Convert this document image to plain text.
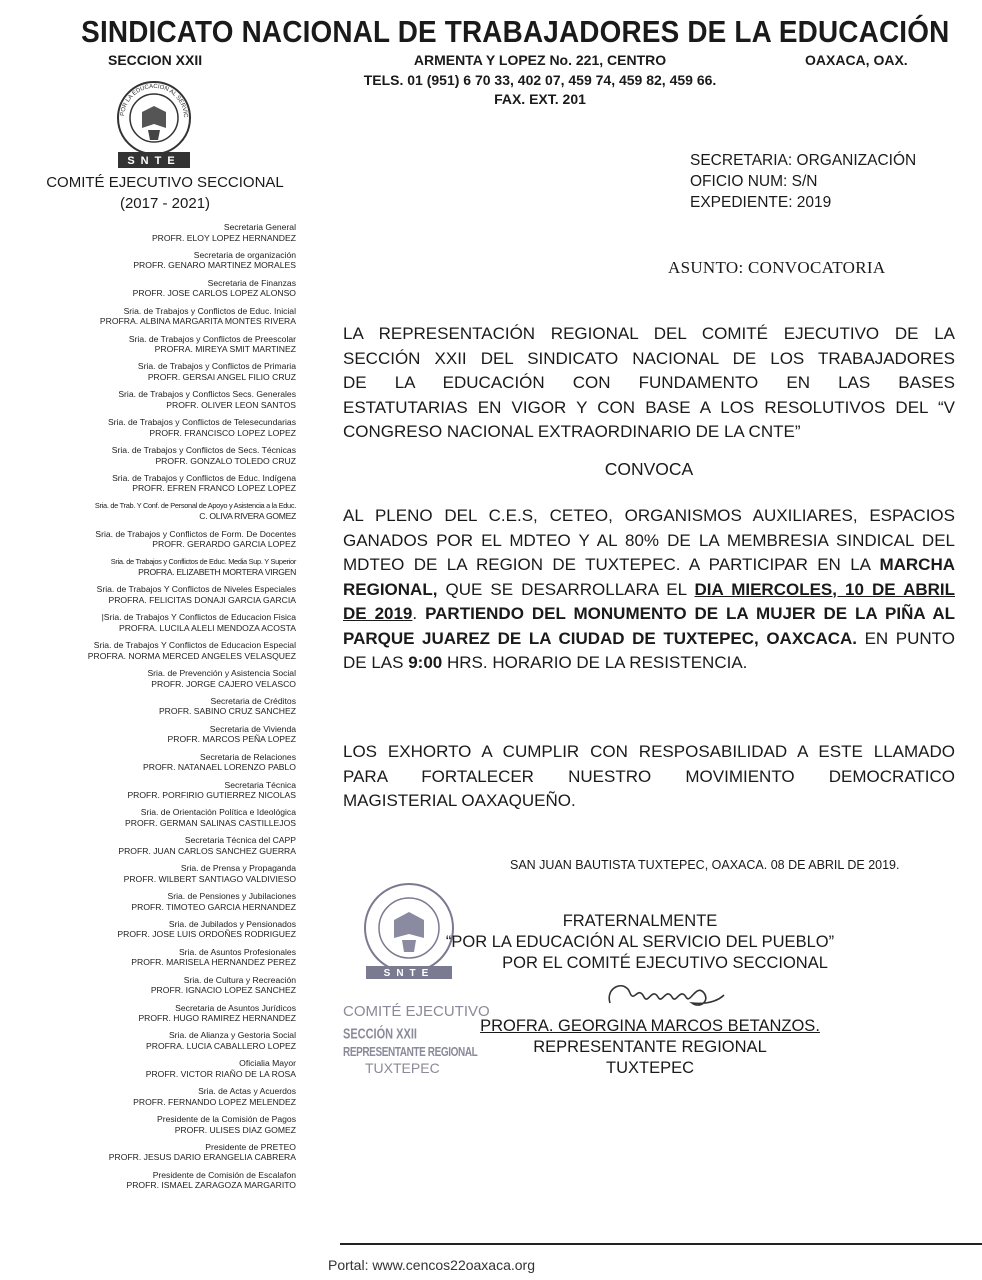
SINDICATO NACIONAL DE TRABAJADORES DE LA EDUCACIÓN
SECCION XXII	ARMENTA Y LOPEZ No. 221, CENTRO	OAXACA, OAX.
TELS. 01 (951) 6 70 33, 402 07, 459 74, 459 82, 459 66.
FAX. EXT. 201
POR LA EDUCACION AL SERVIC
SNTE
COMITÉ EJECUTIVO SECCIONAL
(2017 - 2021)
Secretaria General
PROFR. ELOY LOPEZ HERNANDEZ
Secretaria de organización
PROFR. GENARO MARTINEZ MORALES
Secretaria de Finanzas
PROFR. JOSE CARLOS LOPEZ ALONSO
Sria. de Trabajos y Conflictos de Educ. Inicial
PROFRA. ALBINA MARGARITA MONTES RIVERA
Sria. de Trabajos y Conflictos de Preescolar
PROFRA. MIREYA SMIT MARTINEZ
Sria. de Trabajos y Conflictos de Primaria
PROFR. GERSAI ANGEL FILIO CRUZ
Sria. de Trabajos y Conflictos Secs. Generales
PROFR. OLIVER LEON SANTOS
Sria. de Trabajos y Conflictos de Telesecundarias
PROFR. FRANCISCO LOPEZ LOPEZ
Sria. de Trabajos y Conflictos de Secs. Técnicas
PROFR. GONZALO TOLEDO CRUZ
Sria. de Trabajos y Conflictos de Educ. Indígena
PROFR. EFREN FRANCO LOPEZ LOPEZ
Sria. de Trab. Y Conf. de Personal de Apoyo y Asistencia a la Educ.
C. OLIVA RIVERA GOMEZ
Sria. de Trabajos y Conflictos de Form. De Docentes
PROFR. GERARDO GARCIA LOPEZ
Sria. de Trabajos y Conflictos de Educ. Media Sup. Y Superior
PROFRA. ELIZABETH MORTERA VIRGEN
Sria. de Trabajos Y Conflictos de Niveles Especiales
PROFRA. FELICITAS DONAJI GARCIA GARCIA
|Sria. de Trabajos Y Conflictos de Educacion Fisica
PROFRA. LUCILA ALELI MENDOZA ACOSTA
Sria. de Trabajos Y Conflictos de Educacion Especial
PROFRA. NORMA MERCED ANGELES VELASQUEZ
Sria. de Prevención y Asistencia Social
PROFR. JORGE CAJERO VELASCO
Secretaria de Créditos
PROFR. SABINO CRUZ SANCHEZ
Secretaria de Vivienda
PROFR. MARCOS PEÑA LOPEZ
Secretaria de Relaciones
PROFR. NATANAEL LORENZO PABLO
Secretaria Técnica
PROFR. PORFIRIO GUTIERREZ NICOLAS
Sria. de Orientación Política e Ideológica
PROFR. GERMAN SALINAS CASTILLEJOS
Secretaria Técnica del CAPP
PROFR. JUAN CARLOS SANCHEZ GUERRA
Sria. de Prensa y Propaganda
PROFR. WILBERT SANTIAGO VALDIVIESO
Sria. de Pensiones y Jubilaciones
PROFR. TIMOTEO GARCIA HERNANDEZ
Sria. de Jubilados y Pensionados
PROFR. JOSE LUIS ORDOÑES RODRIGUEZ
Sria. de Asuntos Profesionales
PROFR. MARISELA HERNANDEZ PEREZ
Sria. de Cultura y Recreación
PROFR. IGNACIO LOPEZ SANCHEZ
Secretaria de Asuntos Jurídicos
PROFR. HUGO RAMIREZ HERNANDEZ
Sria. de Alianza y Gestoria Social
PROFRA. LUCIA CABALLERO LOPEZ
Oficialia Mayor
PROFR. VICTOR RIAÑO DE LA ROSA
Sria. de Actas y Acuerdos
PROFR. FERNANDO LOPEZ MELENDEZ
Presidente de la Comisión de Pagos
PROFR. ULISES DIAZ GOMEZ
Presidente de PRETEO
PROFR. JESUS DARIO ERANGELIA CABRERA
Presidente de Comisión de Escalafon
PROFR. ISMAEL ZARAGOZA MARGARITO
SECRETARIA: ORGANIZACIÓN
OFICIO NUM: S/N
EXPEDIENTE: 2019
ASUNTO: CONVOCATORIA
LA REPRESENTACIÓN REGIONAL DEL COMITÉ EJECUTIVO DE LA
SECCIÓN XXII DEL SINDICATO NACIONAL DE LOS TRABAJADORES
DE LA EDUCACIÓN CON FUNDAMENTO EN LAS BASES
ESTATUTARIAS EN VIGOR Y CON BASE A LOS RESOLUTIVOS DEL “V
CONGRESO NACIONAL EXTRAORDINARIO DE LA CNTE”
CONVOCA
AL PLENO DEL C.E.S, CETEO, ORGANISMOS AUXILIARES, ESPACIOS
GANADOS POR EL MDTEO Y AL 80% DE LA MEMBRESIA SINDICAL DEL
MDTEO DE LA REGION DE TUXTEPEC. A PARTICIPAR EN LA MARCHA
REGIONAL, QUE SE DESARROLLARA EL DIA MIERCOLES, 10 DE ABRIL
DE 2019. PARTIENDO DEL MONUMENTO DE LA MUJER DE LA PIÑA AL
PARQUE JUAREZ DE LA CIUDAD DE TUXTEPEC, OAXCACA. EN PUNTO
DE LAS 9:00 HRS. HORARIO DE LA RESISTENCIA.
LOS EXHORTO A CUMPLIR CON RESPOSABILIDAD A ESTE LLAMADO
PARA FORTALECER NUESTRO MOVIMIENTO DEMOCRATICO
MAGISTERIAL OAXAQUEÑO.
SAN JUAN BAUTISTA TUXTEPEC, OAXACA. 08 DE ABRIL DE 2019.
SNTE
COMITÉ EJECUTIVO
SECCIÓN XXII
REPRESENTANTE REGIONAL
TUXTEPEC
FRATERNALMENTE
“POR LA EDUCACIÓN AL SERVICIO DEL PUEBLO”
POR EL COMITÉ EJECUTIVO SECCIONAL
PROFRA. GEORGINA MARCOS BETANZOS.
REPRESENTANTE REGIONAL
TUXTEPEC
Portal: www.cencos22oaxaca.org
